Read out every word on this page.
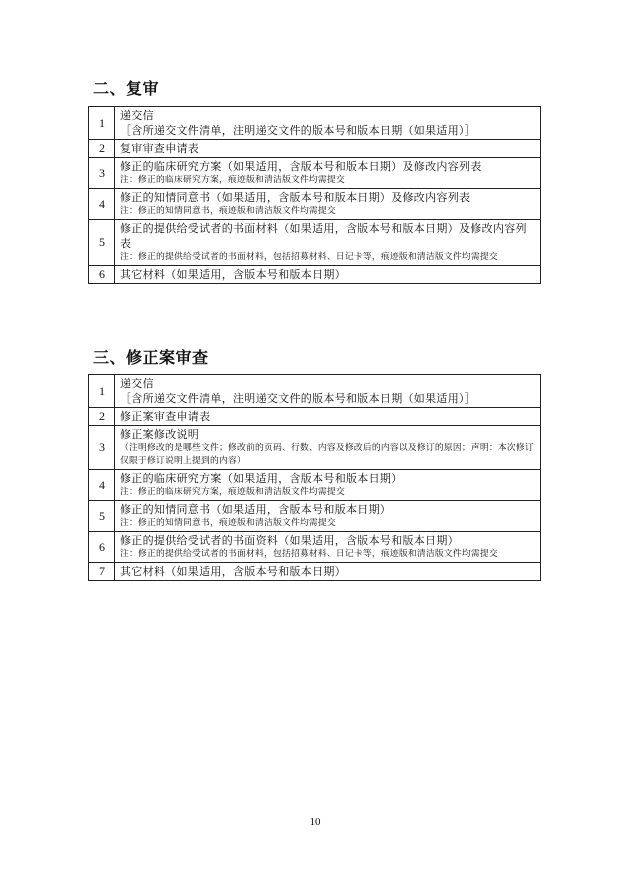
二、复审
1	递交信
［含所递交文件清单，注明递交文件的版本号和版本日期（如果适用）］

2	复审审查申请表

3	修正的临床研究方案（如果适用，含版本号和版本日期）及修改内容列表
注：修正的临床研究方案，痕迹版和清洁版文件均需提交

4	修正的知情同意书（如果适用，含版本号和版本日期）及修改内容列表
注：修正的知情同意书，痕迹版和清洁版文件均需提交

5	修正的提供给受试者的书面材料（如果适用，含版本号和版本日期）及修改内容列表
注：修正的提供给受试者的书面材料，包括招募材料、日记卡等，痕迹版和清洁版文件均需提交

6	其它材料（如果适用，含版本号和版本日期）
三、修正案审查
1	递交信
［含所递交文件清单，注明递交文件的版本号和版本日期（如果适用）］

2	修正案审查申请表

3	修正案修改说明
（注明修改的是哪些文件；修改前的页码、行数、内容及修改后的内容以及修订的原因；声明：本次修订仅限于修订说明上提到的内容）

4	修正的临床研究方案（如果适用，含版本号和版本日期）
注：修正的临床研究方案，痕迹版和清洁版文件均需提交

5	修正的知情同意书（如果适用，含版本号和版本日期）
注：修正的知情同意书，痕迹版和清洁版文件均需提交

6	修正的提供给受试者的书面资料（如果适用，含版本号和版本日期）
注：修正的提供给受试者的书面材料，包括招募材料、日记卡等，痕迹版和清洁版文件均需提交

7	其它材料（如果适用，含版本号和版本日期）
10
